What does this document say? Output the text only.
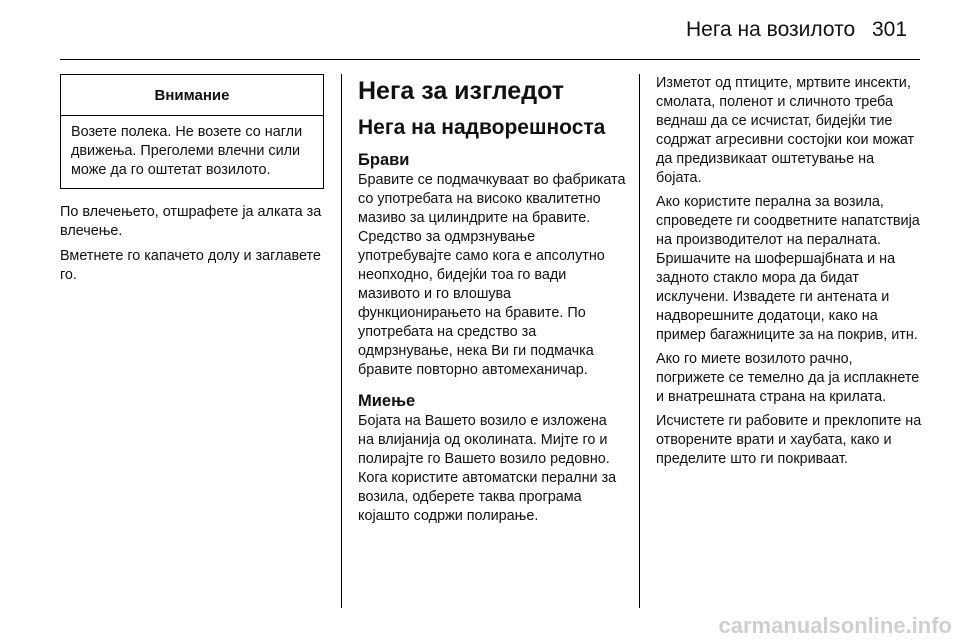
Нега на возилото 301
Внимание
Возете полека. Не возете со нагли движења. Преголеми влечни сили може да го оштетат возилото.

По влечењето, отшрафете ја алката за влечење.

Вметнете го капачето долу и заглавете го.

Нега за изгледот
Нега на надворешноста
Брави

Бравите се подмачкуваат во фабриката со употребата на високо квалитетно мазиво за цилиндрите на бравите. Средство за одмрзнување употребувајте само кога е апсолутно неопходно, бидејќи тоа го вади мазивото и го влошува функционирањето на бравите. По употребата на средство за одмрзнување, нека Ви ги подмачка бравите повторно автомеханичар.

Миење

Бојата на Вашето возило е изложена на влијанија од околината. Мијте го и полирајте го Вашето возило редовно. Кога користите автоматски перални за возила, одберете таква програма којашто содржи полирање.

Изметот од птиците, мртвите инсекти, смолата, поленот и сличното треба веднаш да се исчистат, бидејќи тие содржат агресивни состојки кои можат да предизвикаат оштетување на бојата.

Ако користите перална за возила, спроведете ги соодветните напатствија на производителот на пералната. Бришачите на шофершајбната и на задното стакло мора да бидат исклучени. Извадете ги антената и надворешните додатоци, како на пример багажниците за на покрив, итн.

Ако го миете возилото рачно, погрижете се темелно да ја исплакнете и внатрешната страна на крилата.

Исчистете ги рабовите и преклопите на отворените врати и хаубата, како и пределите што ги покриваат.

carmanualsonline.info
